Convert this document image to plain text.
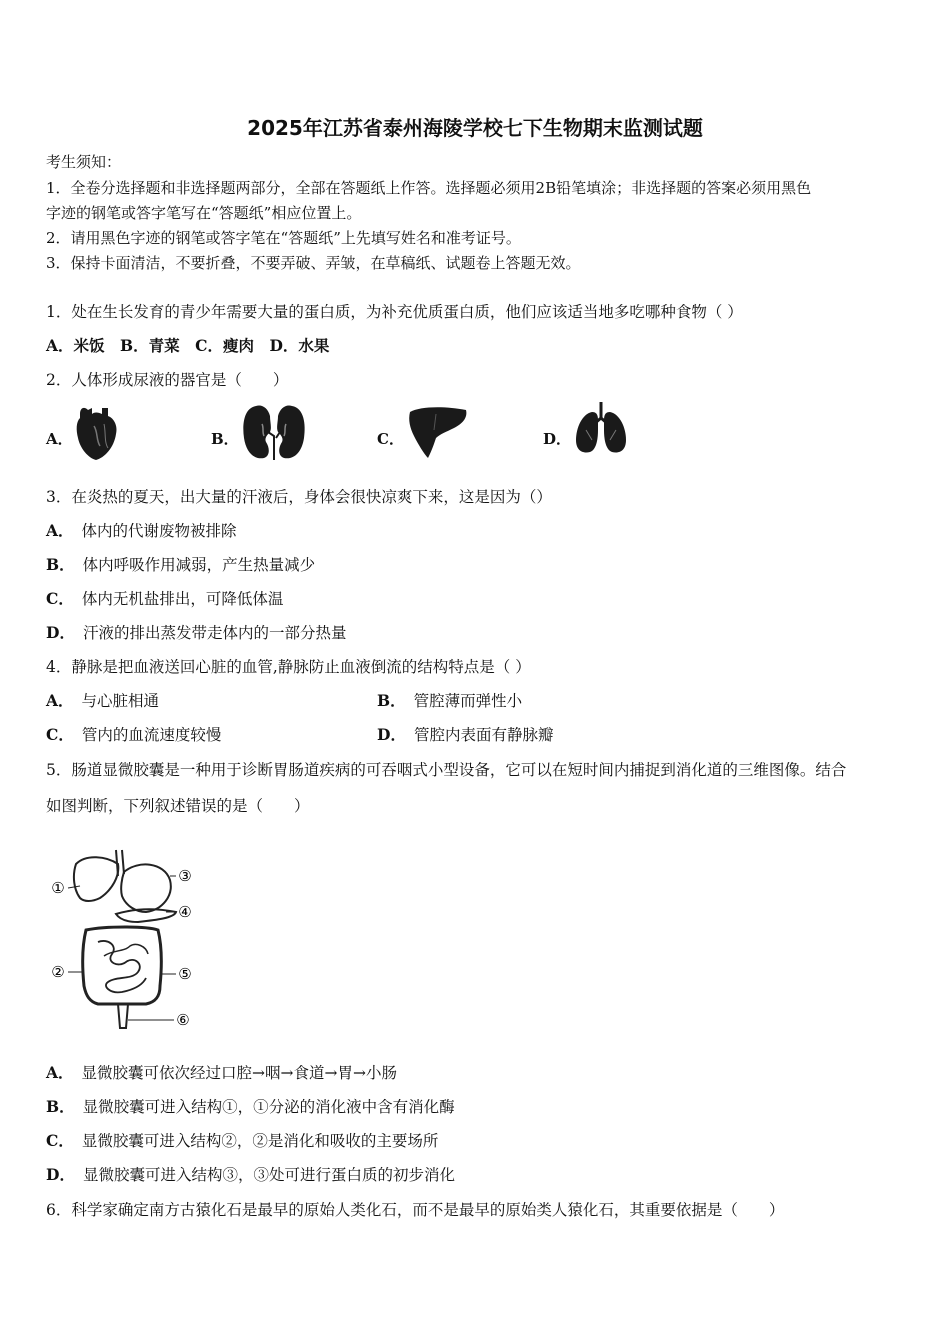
2025年江苏省泰州海陵学校七下生物期末监测试题
考生须知：
1．全卷分选择题和非选择题两部分，全部在答题纸上作答。选择题必须用2B铅笔填涂；非选择题的答案必须用黑色
字迹的钢笔或答字笔写在“答题纸”相应位置上。
2．请用黑色字迹的钢笔或答字笔在“答题纸”上先填写姓名和准考证号。
3．保持卡面清洁，不要折叠，不要弄破、弄皱，在草稿纸、试题卷上答题无效。
1．处在生长发育的青少年需要大量的蛋白质，为补充优质蛋白质，他们应该适当地多吃哪种食物（ ）
A．米饭　B．青菜　C．瘦肉　D．水果
2．人体形成尿液的器官是（　　）
A．	B．	C．	D．
3．在炎热的夏天，出大量的汗液后，身体会很快凉爽下来，这是因为（）
A． 体内的代谢废物被排除
B． 体内呼吸作用减弱，产生热量减少
C． 体内无机盐排出，可降低体温
D． 汗液的排出蒸发带走体内的一部分热量
4．静脉是把血液送回心脏的血管,静脉防止血液倒流的结构特点是（ ）
A． 与心脏相通	B． 管腔薄而弹性小
C． 管内的血流速度较慢	D． 管腔内表面有静脉瓣
5．肠道显微胶囊是一种用于诊断胃肠道疾病的可吞咽式小型设备，它可以在短时间内捕捉到消化道的三维图像。结合
如图判断，下列叙述错误的是（　　）
①
②
③
④
⑤
⑥
A． 显微胶囊可依次经过口腔→咽→食道→胃→小肠
B． 显微胶囊可进入结构①，①分泌的消化液中含有消化酶
C． 显微胶囊可进入结构②，②是消化和吸收的主要场所
D． 显微胶囊可进入结构③，③处可进行蛋白质的初步消化
6．科学家确定南方古猿化石是最早的原始人类化石，而不是最早的原始类人猿化石，其重要依据是（　　）
